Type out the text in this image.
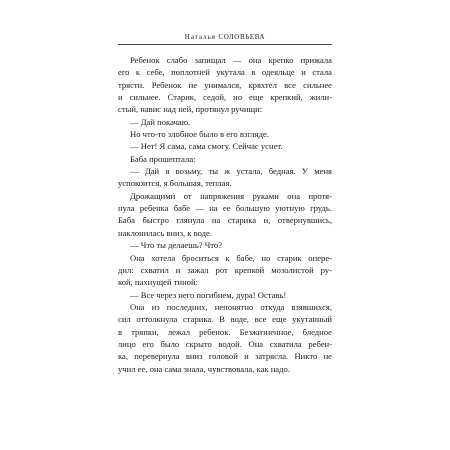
Наталья СОЛОВЬЕВА
Ребенок слабо запищал — она крепко прижала
его к себе, поплотней укутала в одеяльце и стала
трясти. Ребенок не унимался, кряхтел все сильнее
и сильнее. Старик, седой, но еще крепкий, жили-
стый, навис над ней, протянул ручищи:
— Дай покачаю.
Но что-то злобное было в его взгляде.
— Нет! Я сама, сама смогу. Сейчас уснет.
Баба прошептала:
— Дай я возьму, ты ж устала, бедная. У меня
успокоится, я большая, теплая.
Дрожащими от напряжения руками она протя-
нула ребенка бабе — на ее большую уютную грудь.
Баба быстро глянула на старика и, отвернувшись,
наклонилась вниз, к воде.
— Что ты делаешь? Что?
Она хотела броситься к бабе, но старик опере-
дил: схватил и зажал рот крепкой мозолистой ру-
кой, пахнущей тиной:
— Все через него погибнем, дура! Оставь!
Она из последних, непонятно откуда взявшихся,
сил оттолкнула старика. В воде, все еще укутанный
в тряпки, лежал ребенок. Безжизненное, бледное
лицо его было скрыто водой. Она схватила ребен-
ка, перевернула вниз головой и затрясла. Никто не
учил ее, она сама знала, чувствовала, как надо.
